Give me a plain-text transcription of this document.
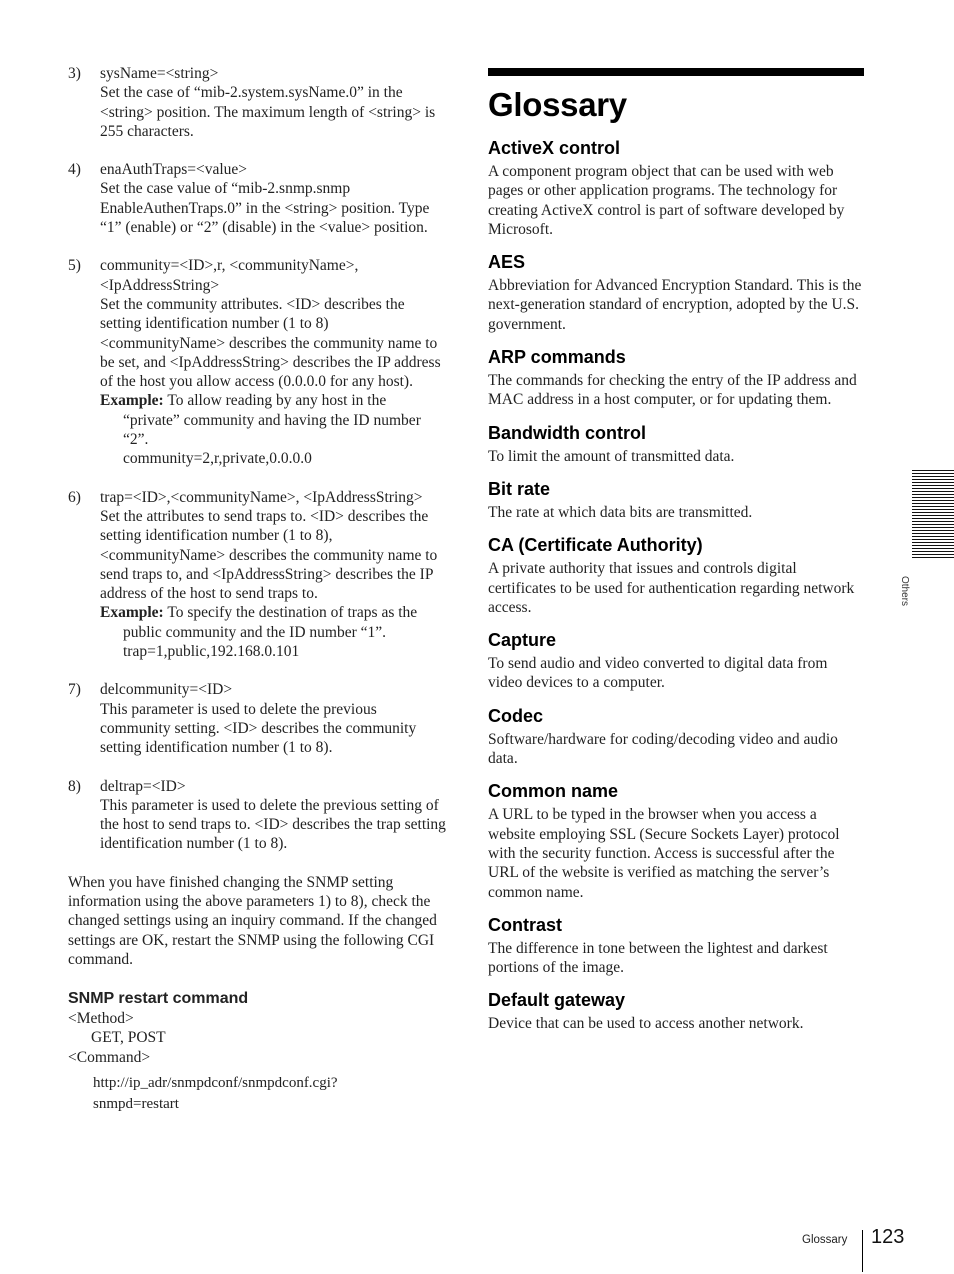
3) sysName=<string>
Set the case of “mib-2.system.sysName.0” in the <string> position. The maximum length of <string> is 255 characters.
4) enaAuthTraps=<value>
Set the case value of “mib-2.snmp.snmp EnableAuthenTraps.0” in the <string> position. Type “1” (enable) or “2” (disable) in the <value> position.
5) community=<ID>,r, <communityName>,<IpAddressString>
Set the community attributes. <ID> describes the setting identification number (1 to 8) <communityName> describes the community name to be set, and <IpAddressString> describes the IP address of the host you allow access (0.0.0.0 for any host).
Example: To allow reading by any host in the “private” community and having the ID number “2”.
community=2,r,private,0.0.0.0
6) trap=<ID>,<communityName>, <IpAddressString>
Set the attributes to send traps to. <ID> describes the setting identification number (1 to 8), <communityName> describes the community name to send traps to, and <IpAddressString> describes the IP address of the host to send traps to.
Example: To specify the destination of traps as the public community and the ID number “1”.
trap=1,public,192.168.0.101
7) delcommunity=<ID>
This parameter is used to delete the previous community setting. <ID> describes the community setting identification number (1 to 8).
8) deltrap=<ID>
This parameter is used to delete the previous setting of the host to send traps to. <ID> describes the trap setting identification number (1 to 8).

When you have finished changing the SNMP setting information using the above parameters 1) to 8), check the changed settings using an inquiry command. If the changed settings are OK, restart the SNMP using the following CGI command.

SNMP restart command
<Method>
GET, POST
<Command>
http://ip_adr/snmpdconf/snmpdconf.cgi?
snmpd=restart
Glossary
ActiveX control
A component program object that can be used with web pages or other application programs. The technology for creating ActiveX control is part of software developed by Microsoft.
AES
Abbreviation for Advanced Encryption Standard. This is the next-generation standard of encryption, adopted by the U.S. government.
ARP commands
The commands for checking the entry of the IP address and MAC address in a host computer, or for updating them.
Bandwidth control
To limit the amount of transmitted data.
Bit rate
The rate at which data bits are transmitted.
CA (Certificate Authority)
A private authority that issues and controls digital certificates to be used for authentication regarding network access.
Capture
To send audio and video converted to digital data from video devices to a computer.
Codec
Software/hardware for coding/decoding video and audio data.
Common name
A URL to be typed in the browser when you access a website employing SSL (Secure Sockets Layer) protocol with the security function. Access is successful after the URL of the website is verified as matching the server’s common name.
Contrast
The difference in tone between the lightest and darkest portions of the image.
Default gateway
Device that can be used to access another network.
Others
Glossary 123
